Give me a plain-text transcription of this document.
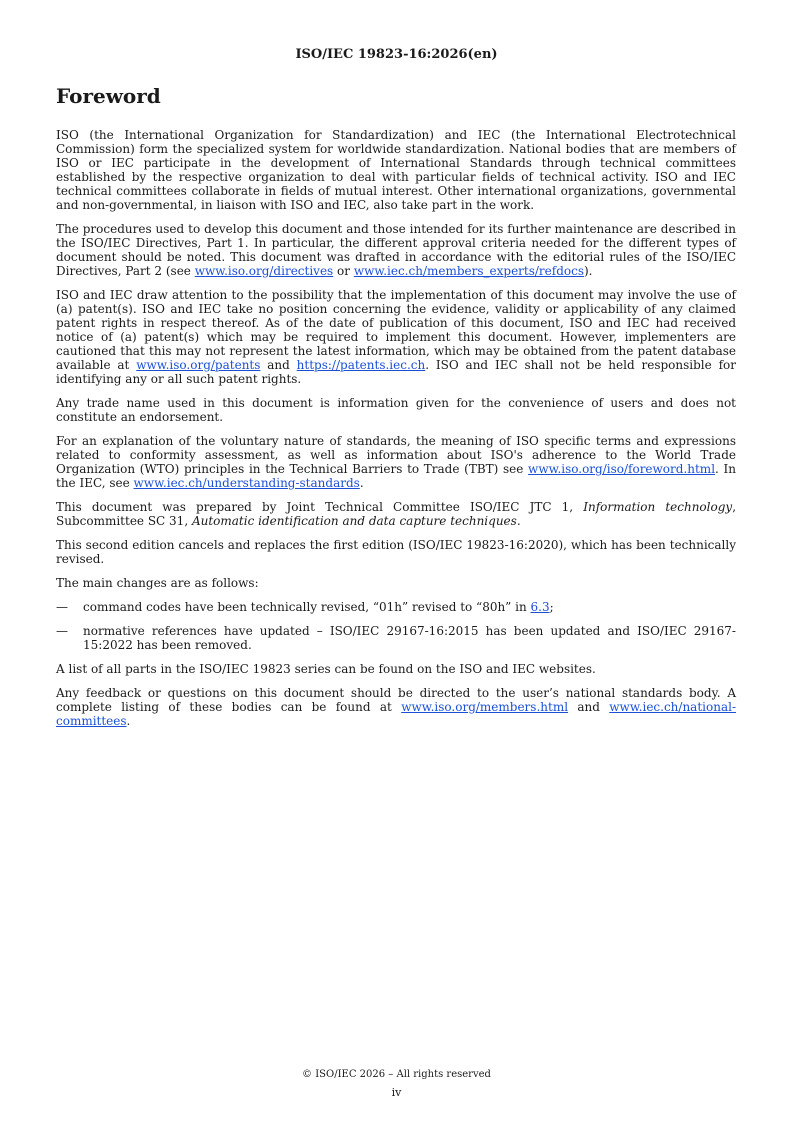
ISO/IEC 19823-16:2026(en)
Foreword

ISO (the International Organization for Standardization) and IEC (the International Electrotechnical Commission) form the specialized system for worldwide standardization. National bodies that are members of ISO or IEC participate in the development of International Standards through technical committees established by the respective organization to deal with particular fields of technical activity. ISO and IEC technical committees collaborate in fields of mutual interest. Other international organizations, governmental and non-governmental, in liaison with ISO and IEC, also take part in the work.

The procedures used to develop this document and those intended for its further maintenance are described in the ISO/IEC Directives, Part 1. In particular, the different approval criteria needed for the different types of document should be noted. This document was drafted in accordance with the editorial rules of the ISO/IEC Directives, Part 2 (see www.iso.org/directives or www.iec.ch/members_experts/refdocs).

ISO and IEC draw attention to the possibility that the implementation of this document may involve the use of (a) patent(s). ISO and IEC take no position concerning the evidence, validity or applicability of any claimed patent rights in respect thereof. As of the date of publication of this document, ISO and IEC had received notice of (a) patent(s) which may be required to implement this document. However, implementers are cautioned that this may not represent the latest information, which may be obtained from the patent database available at www.iso.org/patents and https://patents.iec.ch. ISO and IEC shall not be held responsible for identifying any or all such patent rights.

Any trade name used in this document is information given for the convenience of users and does not constitute an endorsement.

For an explanation of the voluntary nature of standards, the meaning of ISO specific terms and expressions related to conformity assessment, as well as information about ISO's adherence to the World Trade Organization (WTO) principles in the Technical Barriers to Trade (TBT) see www.iso.org/iso/foreword.html. In the IEC, see www.iec.ch/understanding-standards.

This document was prepared by Joint Technical Committee ISO/IEC JTC 1, Information technology, Subcommittee SC 31, Automatic identification and data capture techniques.

This second edition cancels and replaces the first edition (ISO/IEC 19823-16:2020), which has been technically revised.

The main changes are as follows:

—	command codes have been technically revised, “01h” revised to “80h” in 6.3;
—	normative references have updated – ISO/IEC 29167-16:2015 has been updated and ISO/IEC 29167-15:2022 has been removed.

A list of all parts in the ISO/IEC 19823 series can be found on the ISO and IEC websites.

Any feedback or questions on this document should be directed to the user’s national standards body. A complete listing of these bodies can be found at www.iso.org/members.html and www.iec.ch/national-committees.

© ISO/IEC 2026 – All rights reserved
iv
